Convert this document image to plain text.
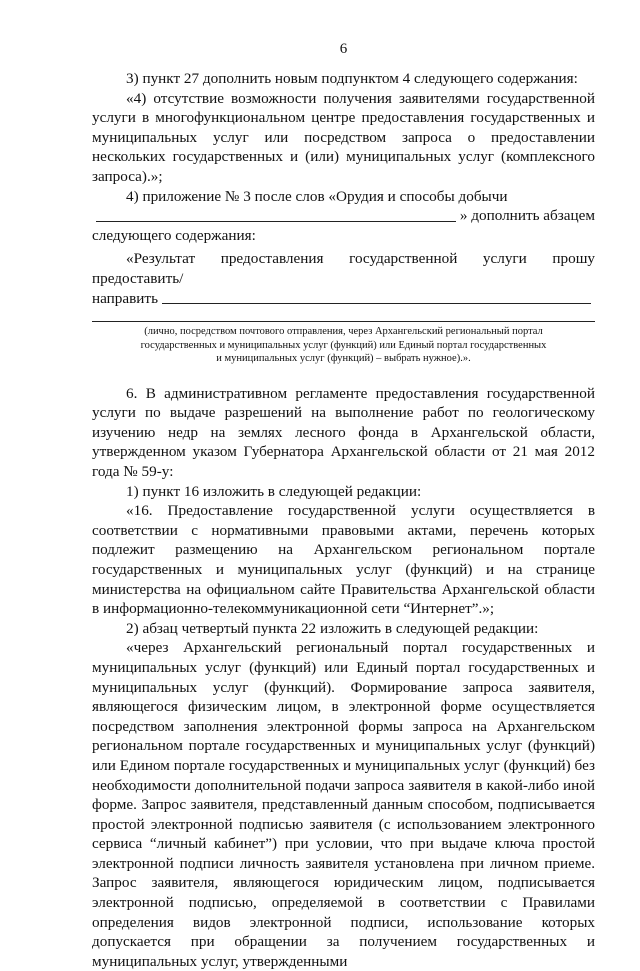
6

3) пункт 27 дополнить новым подпунктом 4 следующего содержания:

«4) отсутствие возможности получения заявителями государственной услуги в многофункциональном центре предоставления государственных и муниципальных услуг или посредством запроса о предоставлении нескольких государственных и (или) муниципальных услуг (комплексного запроса).»;

4) приложение № 3 после слов «Орудия и способы добычи

» дополнить абзацем

следующего содержания:

«Результат предоставления государственной услуги прошу предоставить/

направить
(лично, посредством почтового отправления, через Архангельский региональный портал
государственных и муниципальных услуг (функций) или Единый портал государственных
и муниципальных услуг (функций) – выбрать нужное).».

6. В административном регламенте предоставления государственной услуги по выдаче разрешений на выполнение работ по геологическому изучению недр на землях лесного фонда в Архангельской области, утвержденном указом Губернатора Архангельской области от 21 мая 2012 года № 59-у:

1) пункт 16 изложить в следующей редакции:

«16. Предоставление государственной услуги осуществляется в соответствии с нормативными правовыми актами, перечень которых подлежит размещению на Архангельском региональном портале государственных и муниципальных услуг (функций) и на странице министерства на официальном сайте Правительства Архангельской области в информационно-телекоммуникационной сети “Интернет”.»;

2) абзац четвертый пункта 22 изложить в следующей редакции:

«через Архангельский региональный портал государственных и муниципальных услуг (функций) или Единый портал государственных и муниципальных услуг (функций). Формирование запроса заявителя, являющегося физическим лицом, в электронной форме осуществляется посредством заполнения электронной формы запроса на Архангельском региональном портале государственных и муниципальных услуг (функций) или Едином портале государственных и муниципальных услуг (функций) без необходимости дополнительной подачи запроса заявителя в какой-либо иной форме. Запрос заявителя, представленный данным способом, подписывается простой электронной подписью заявителя (с использованием электронного сервиса “личный кабинет”) при условии, что при выдаче ключа простой электронной подписи личность заявителя установлена при личном приеме. Запрос заявителя, являющегося юридическим лицом, подписывается электронной подписью, определяемой в соответствии с Правилами определения видов электронной подписи, использование которых допускается при обращении за получением государственных и муниципальных услуг, утвержденными
